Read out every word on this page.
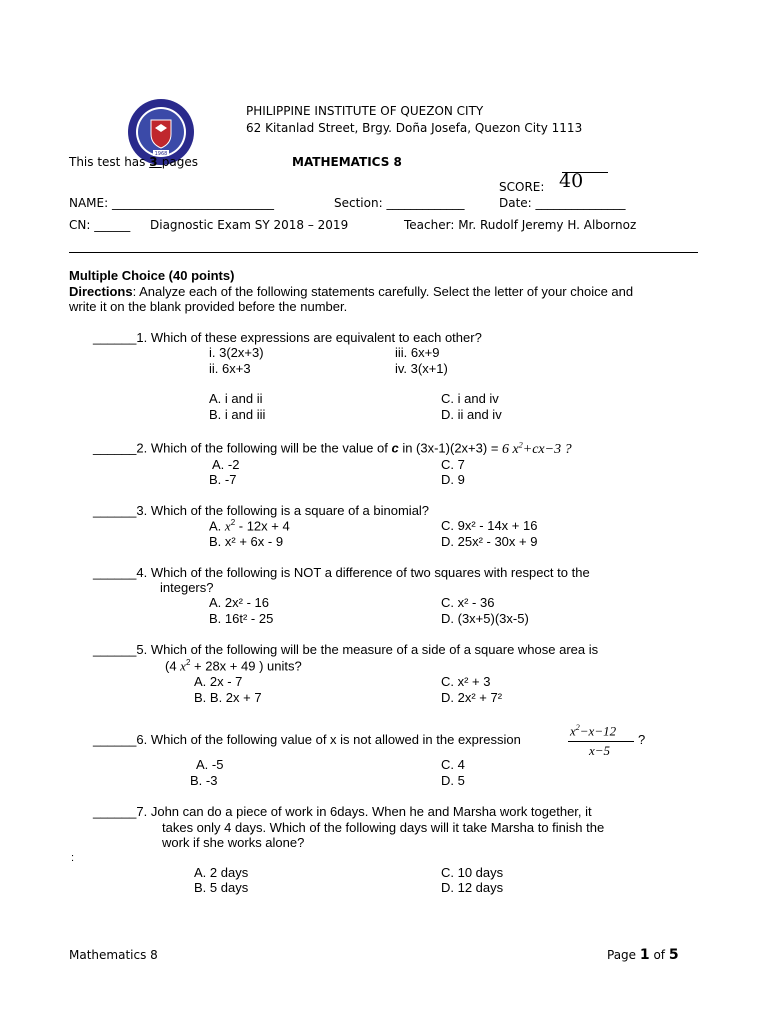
1968
PHILIPPINE INSTITUTE OF QUEZON CITY
62 Kitanlad Street, Brgy. Doña Josefa, Quezon City 1113
This test has 3 pages	MATHEMATICS 8
SCORE: 40
NAME: ___________________________	Section: _____________	Date: _______________
CN: ______ Diagnostic Exam SY 2018 – 2019	Teacher: Mr. Rudolf Jeremy H. Albornoz
Multiple Choice (40 points)
Directions: Analyze each of the following statements carefully. Select the letter of your choice and
write it on the blank provided before the number.
______1. Which of these expressions are equivalent to each other?
i. 3(2x+3)	iii. 6x+9
ii. 6x+3	iv. 3(x+1)
A. i and ii	C. i and iv
B. i and iii	D. ii and iv
______2. Which of the following will be the value of c in (3x-1)(2x+3) = 6 $x^2+cx-3$ ?
A. -2	C. 7
B. -7	D. 9
______3. Which of the following is a square of a binomial?
A. $x^2 - 12x + 4$	C. 9x² - 14x + 16
B. x² + 6x - 9	D. 25x² - 30x + 9
______4. Which of the following is NOT a difference of two squares with respect to the
integers?
A. 2x² - 16	C. x² - 36
B. 16t² - 25	D. (3x+5)(3x-5)
______5. Which of the following will be the measure of a side of a square whose area is
(4 $x^2 + 28x + 49$ ) units?
A. 2x - 7	C. x² + 3
B. B. 2x + 7	D. 2x² + 7²
______6. Which of the following value of x is not allowed in the expression
$x^2-x-12$
x−5
?
A. -5	C. 4
B. -3	D. 5
______7. John can do a piece of work in 6days. When he and Marsha work together, it
takes only 4 days. Which of the following days will it take Marsha to finish the
work if she works alone?
:
A. 2 days	C. 10 days
B. 5 days	D. 12 days
Mathematics 8	Page 1 of 5
